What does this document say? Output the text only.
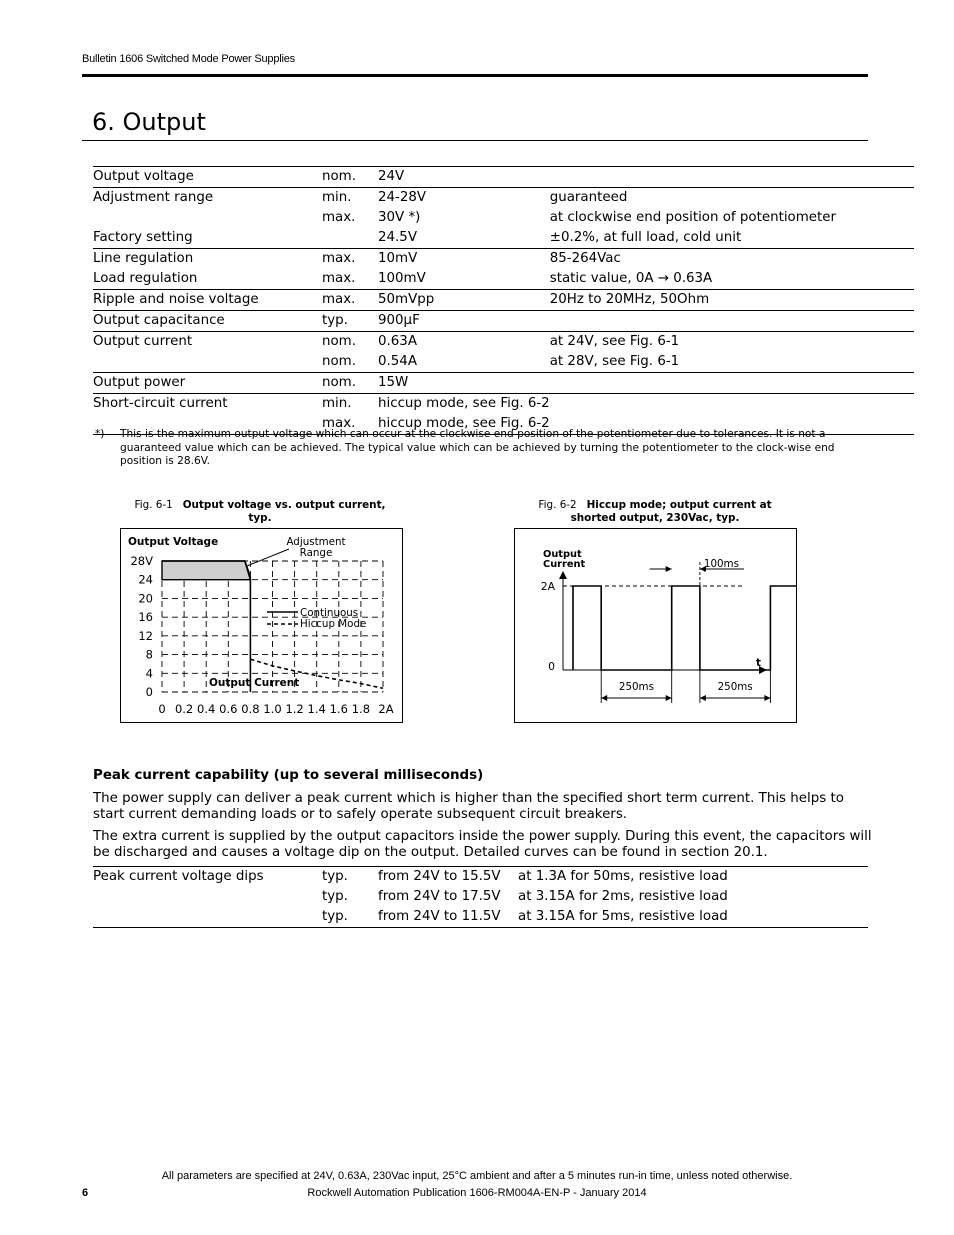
Bulletin 1606 Switched Mode Power Supplies
6. Output
Output voltage	nom.	24V	
Adjustment range	min.	24-28V	guaranteed
	max.	30V *)	at clockwise end position of potentiometer
Factory setting		24.5V	±0.2%, at full load, cold unit
Line regulation	max.	10mV	85-264Vac
Load regulation	max.	100mV	static value, 0A → 0.63A
Ripple and noise voltage	max.	50mVpp	20Hz to 20MHz, 50Ohm
Output capacitance	typ.	900µF	
Output current	nom.	0.63A	at 24V, see Fig. 6-1
	nom.	0.54A	at 28V, see Fig. 6-1
Output power	nom.	15W	
Short-circuit current	min.	hiccup mode, see Fig. 6-2	
	max.	hiccup mode, see Fig. 6-2	
*) This is the maximum output voltage which can occur at the clockwise end position of the potentiometer due to tolerances. It is not a guaranteed value which can be achieved. The typical value which can be achieved by turning the potentiometer to the clock-wise end position is 28.6V.
Fig. 6-1 Output voltage vs. output current, typ.
Output Voltage
Output Current
28V
24
20
16
12
8
4
0
0 0.2 0.4 0.6 0.8 1.0 1.2 1.4 1.6 1.8 2A
Adjustment
Range
Continuous
Hiccup Mode
Fig. 6-2 Hiccup mode; output current at shorted output, 230Vac, typ.
Output
Current
2A
0	t
100ms
250ms	250ms
Peak current capability (up to several milliseconds)
The power supply can deliver a peak current which is higher than the specified short term current. This helps to start current demanding loads or to safely operate subsequent circuit breakers.
The extra current is supplied by the output capacitors inside the power supply. During this event, the capacitors will be discharged and causes a voltage dip on the output. Detailed curves can be found in section 20.1.
Peak current voltage dips	typ.	from 24V to 15.5V	at 1.3A for 50ms, resistive load
	typ.	from 24V to 17.5V	at 3.15A for 2ms, resistive load
	typ.	from 24V to 11.5V	at 3.15A for 5ms, resistive load
All parameters are specified at 24V, 0.63A, 230Vac input, 25°C ambient and after a 5 minutes run-in time, unless noted otherwise.
6	Rockwell Automation Publication 1606-RM004A-EN-P - January 2014
